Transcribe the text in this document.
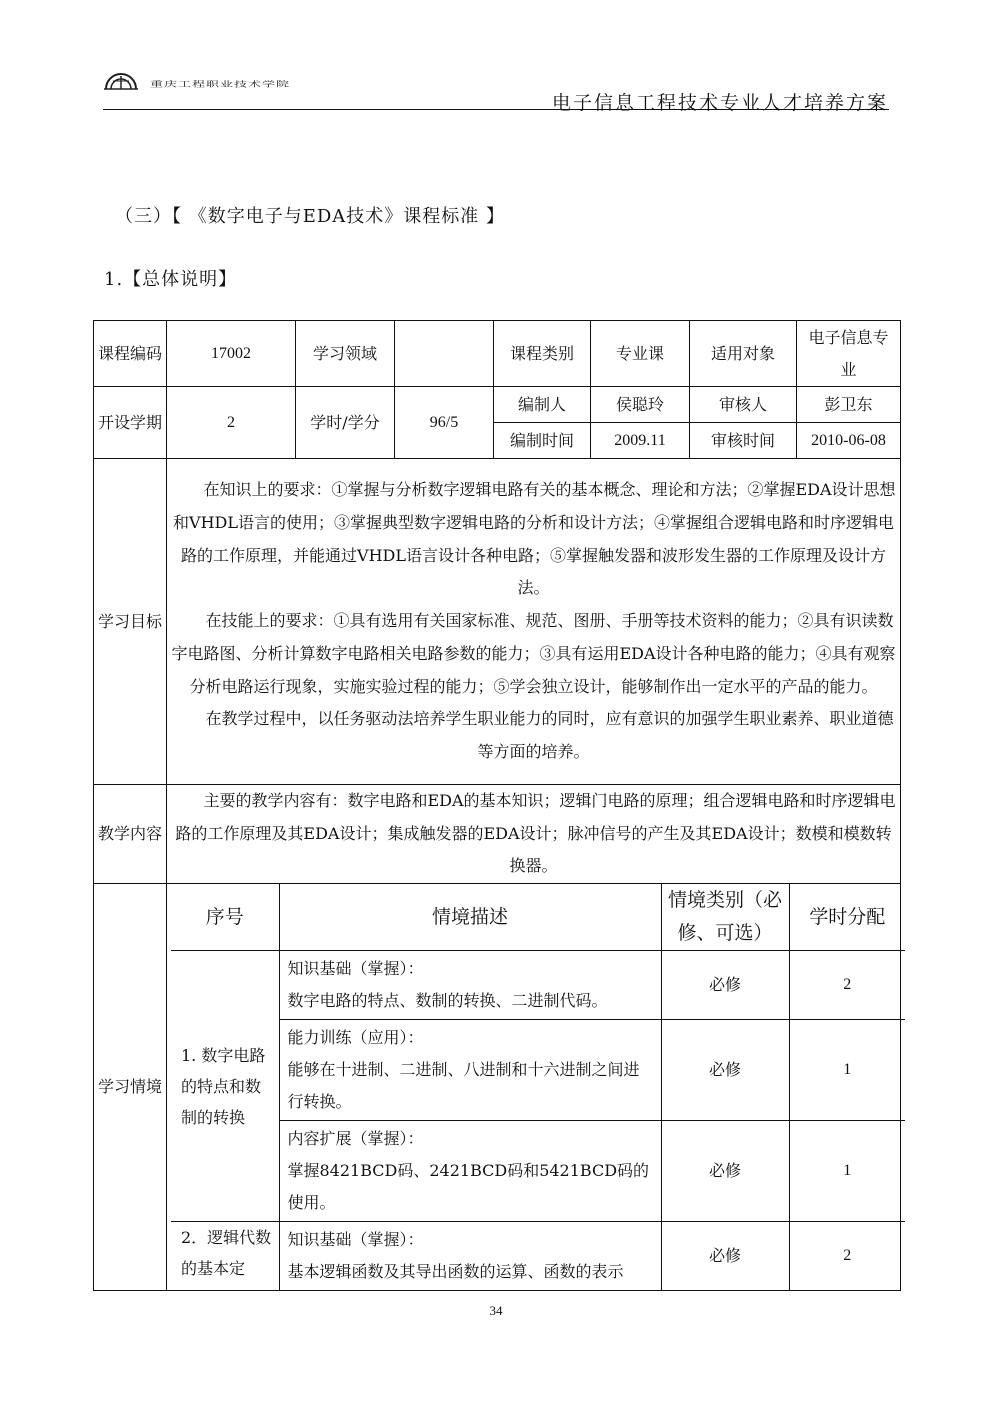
重庆工程职业技术学院
电子信息工程技术专业人才培养方案
（三）【 《数字电子与EDA技术》课程标准 】
1.【总体说明】
课程编码	17002	学习领域		课程类别	专业课	适用对象	电子信息专业
开设学期	2	学时/学分	96/5	编制人	侯聪玲	审核人	彭卫东
编制时间	2009.11	审核时间	2010-06-08
学习目标	

在知识上的要求：①掌握与分析数字逻辑电路有关的基本概念、理论和方法；②掌握EDA设计思想和VHDL语言的使用；③掌握典型数字逻辑电路的分析和设计方法；④掌握组合逻辑电路和时序逻辑电路的工作原理，并能通过VHDL语言设计各种电路；⑤掌握触发器和波形发生器的工作原理及设计方法。

在技能上的要求：①具有选用有关国家标准、规范、图册、手册等技术资料的能力；②具有识读数字电路图、分析计算数字电路相关电路参数的能力；③具有运用EDA设计各种电路的能力；④具有观察分析电路运行现象，实施实验过程的能力；⑤学会独立设计，能够制作出一定水平的产品的能力。

在教学过程中，以任务驱动法培养学生职业能力的同时，应有意识的加强学生职业素养、职业道德等方面的培养。

教学内容	

主要的教学内容有：数字电路和EDA的基本知识；逻辑门电路的原理；组合逻辑电路和时序逻辑电路的工作原理及其EDA设计；集成触发器的EDA设计；脉冲信号的产生及其EDA设计；数模和模数转换器。

学习情境	
序号	情境描述	情境类别（必修、可选）	学时分配
1. 数字电路的特点和数制的转换	
知识基础（掌握）：
数字电路的特点、数制的转换、二进制代码。
	必修	2

能力训练（应用）：
能够在十进制、二进制、八进制和十六进制之间进行转换。
	必修	1

内容扩展（掌握）：
掌握8421BCD码、2421BCD码和5421BCD码的使用。
	必修	1
2．逻辑代数的基本定	
知识基础（掌握）：
基本逻辑函数及其导出函数的运算、函数的表示
	必修	2
34
